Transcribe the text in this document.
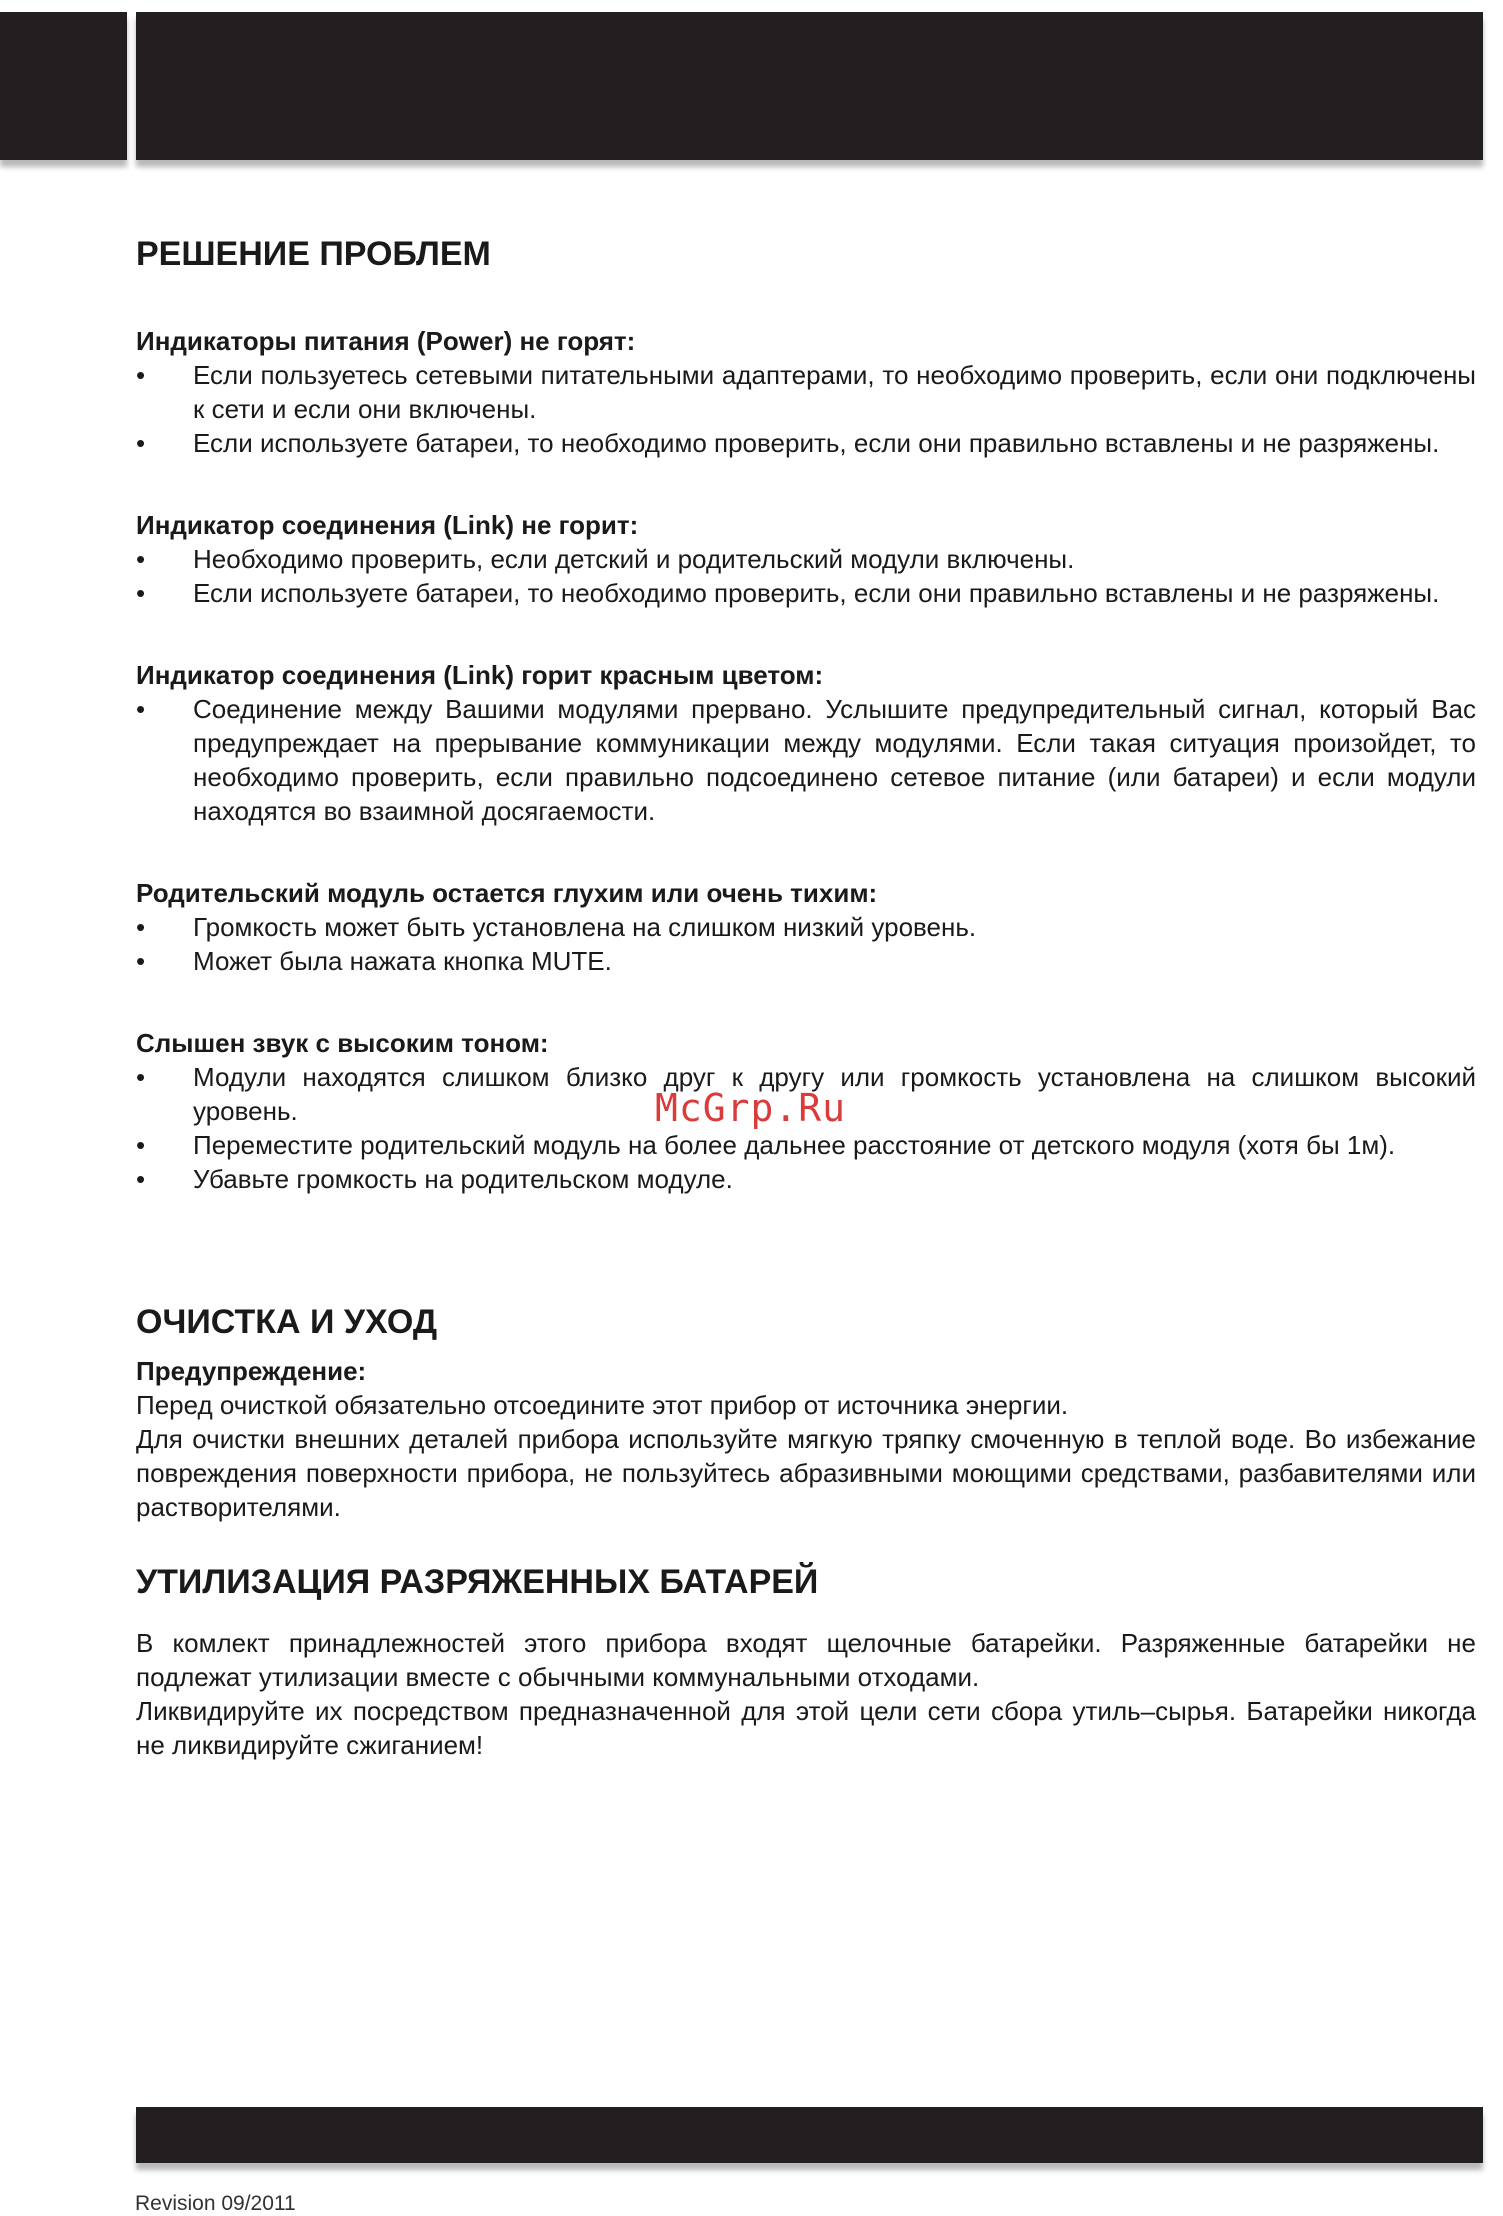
РЕШЕНИЕ ПРОБЛЕМ
Индикаторы питания (Power) не горят:
• Если пользуетесь сетевыми питательными адаптерами, то необходимо проверить, если они подключены к сети и если они включены.
• Если используете батареи, то необходимо проверить, если они правильно вставлены и не разряжены.
Индикатор соединения (Link) не горит:
• Необходимо проверить, если детский и родительский модули включены.
• Если используете батареи, то необходимо проверить, если они правильно вставлены и не разряжены.
Индикатор соединения (Link) горит красным цветом:
• Соединение между Вашими модулями прервано. Услышите предупредительный сигнал, который Вас предупреждает на прерывание коммуникации между модулями. Если такая ситуация произойдет, то необходимо проверить, если правильно подсоединено сетевое питание (или батареи) и если модули находятся во взаимной досягаемости.
Родительский модуль остается глухим или очень тихим:
• Громкость может быть установлена на слишком низкий уровень.
• Может была нажата кнопка MUTE.
Слышен звук с высоким тоном:
• Модули находятся слишком близко друг к другу или громкость установлена на слишком высокий уровень.
• Переместите родительский модуль на более дальнее расстояние от детского модуля (хотя бы 1м).
• Убавьте громкость на родительском модуле.
ОЧИСТКА И УХОД
Предупреждение:

Перед очисткой обязательно отсоедините этот прибор от источника энергии.

Для очистки внешних деталей прибора используйте мягкую тряпку смоченную в теплой воде. Во избежание повреждения поверхности прибора, не пользуйтесь абразивными моющими средствами, разбавителями или растворителями.

УТИЛИЗАЦИЯ РАЗРЯЖЕННЫХ БАТАРЕЙ

В комлект принадлежностей этого прибора входят щелочные батарейки. Разряженные батарейки не подлежат утилизации вместе с обычными коммунальными отходами.

Ликвидируйте их посредством предназначенной для этой цели сети сбора утиль–сырья. Батарейки никогда не ликвидируйте сжиганием!

McGrp.Ru
Revision 09/2011
